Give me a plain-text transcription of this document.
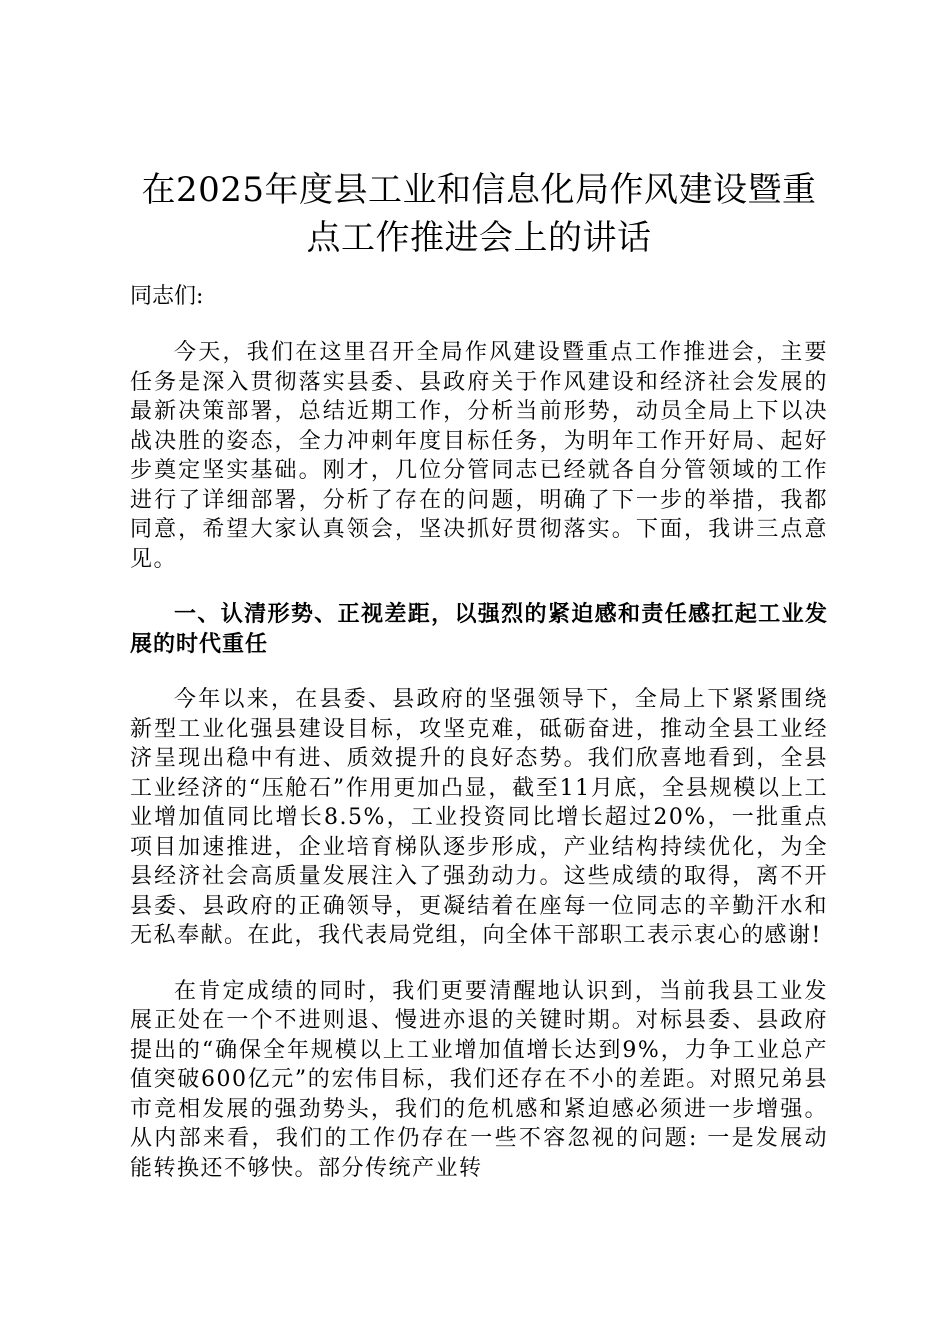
在2025年度县工业和信息化局作风建设暨重点工作推进会上的讲话

同志们:

今天，我们在这里召开全局作风建设暨重点工作推进会，主要任务是深入贯彻落实县委、县政府关于作风建设和经济社会发展的最新决策部署，总结近期工作，分析当前形势，动员全局上下以决战决胜的姿态，全力冲刺年度目标任务，为明年工作开好局、起好步奠定坚实基础。刚才，几位分管同志已经就各自分管领域的工作进行了详细部署，分析了存在的问题，明确了下一步的举措，我都同意，希望大家认真领会，坚决抓好贯彻落实。下面，我讲三点意见。

一、认清形势、正视差距，以强烈的紧迫感和责任感扛起工业发展的时代重任

今年以来，在县委、县政府的坚强领导下，全局上下紧紧围绕新型工业化强县建设目标，攻坚克难，砥砺奋进，推动全县工业经济呈现出稳中有进、质效提升的良好态势。我们欣喜地看到，全县工业经济的“压舱石”作用更加凸显，截至11月底，全县规模以上工业增加值同比增长8.5%，工业投资同比增长超过20%，一批重点项目加速推进，企业培育梯队逐步形成，产业结构持续优化，为全县经济社会高质量发展注入了强劲动力。这些成绩的取得，离不开县委、县政府的正确领导，更凝结着在座每一位同志的辛勤汗水和无私奉献。在此，我代表局党组，向全体干部职工表示衷心的感谢!

在肯定成绩的同时，我们更要清醒地认识到，当前我县工业发展正处在一个不进则退、慢进亦退的关键时期。对标县委、县政府提出的“确保全年规模以上工业增加值增长达到9%，力争工业总产值突破600亿元”的宏伟目标，我们还存在不小的差距。对照兄弟县市竞相发展的强劲势头，我们的危机感和紧迫感必须进一步增强。从内部来看，我们的工作仍存在一些不容忽视的问题: 一是发展动能转换还不够快。部分传统产业转
